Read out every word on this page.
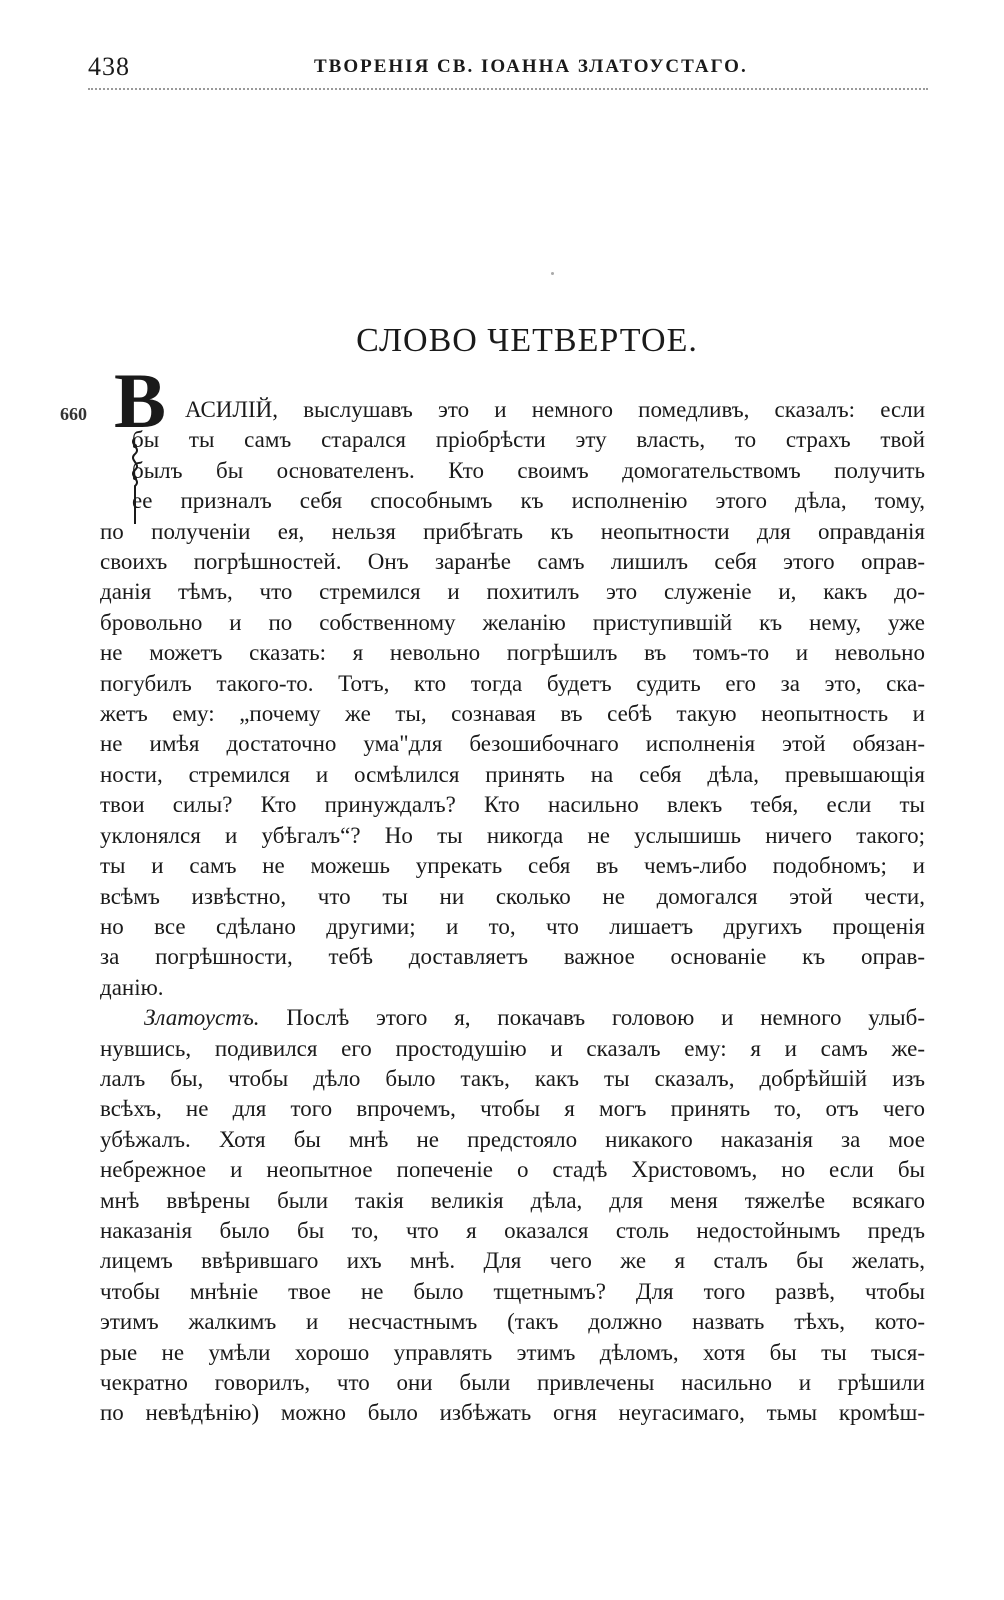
438	ТВОРЕНІЯ СВ. ІОАННА ЗЛАТОУСТАГО.
СЛОВО ЧЕТВЕРТОЕ.
660 В АСИЛІЙ, выслушавъ это и немного помедливъ, сказалъ: если
бы ты самъ старался пріобрѣсти эту власть, то страхъ твой
былъ бы основателенъ. Кто своимъ домогательствомъ получить
ее призналъ себя способнымъ къ исполненію этого дѣла, тому,
по полученіи ея, нельзя прибѣгать къ неопытности для оправданія
своихъ погрѣшностей. Онъ заранѣе самъ лишилъ себя этого оправ-
данія тѣмъ, что стремился и похитилъ это служеніе и, какъ до-
бровольно и по собственному желанію приступившій къ нему, уже
не можетъ сказать: я невольно погрѣшилъ въ томъ-то и невольно
погубилъ такого-то. Тотъ, кто тогда будетъ судить его за это, ска-
жетъ ему: „почему же ты, сознавая въ себѣ такую неопытность и
не имѣя достаточно ума"для безошибочнаго исполненія этой обязан-
ности, стремился и осмѣлился принять на себя дѣла, превышающія
твои силы? Кто принуждалъ? Кто насильно влекъ тебя, если ты
уклонялся и убѣгалъ“? Но ты никогда не услышишь ничего такого;
ты и самъ не можешь упрекать себя въ чемъ-либо подобномъ; и
всѣмъ извѣстно, что ты ни сколько не домогался этой чести,
но все сдѣлано другими; и то, что лишаетъ другихъ прощенія
за погрѣшности, тебѣ доставляетъ важное основаніе къ оправ-
данію.
Златоустъ. Послѣ этого я, покачавъ головою и немного улыб-
нувшись, подивился его простодушію и сказалъ ему: я и самъ же-
лалъ бы, чтобы дѣло было такъ, какъ ты сказалъ, добрѣйшій изъ
всѣхъ, не для того впрочемъ, чтобы я могъ принять то, отъ чего
убѣжалъ. Хотя бы мнѣ не предстояло никакого наказанія за мое
небрежное и неопытное попеченіе о стадѣ Христовомъ, но если бы
мнѣ ввѣрены были такія великія дѣла, для меня тяжелѣе всякаго
наказанія было бы то, что я оказался столь недостойнымъ предъ
лицемъ ввѣрившаго ихъ мнѣ. Для чего же я сталъ бы желать,
чтобы мнѣніе твое не было тщетнымъ? Для того развѣ, чтобы
этимъ жалкимъ и несчастнымъ (такъ должно назвать тѣхъ, кото-
рые не умѣли хорошо управлять этимъ дѣломъ, хотя бы ты тыся-
чекратно говорилъ, что они были привлечены насильно и грѣшили
по невѣдѣнію) можно было избѣжать огня неугасимаго, тьмы кромѣш-
